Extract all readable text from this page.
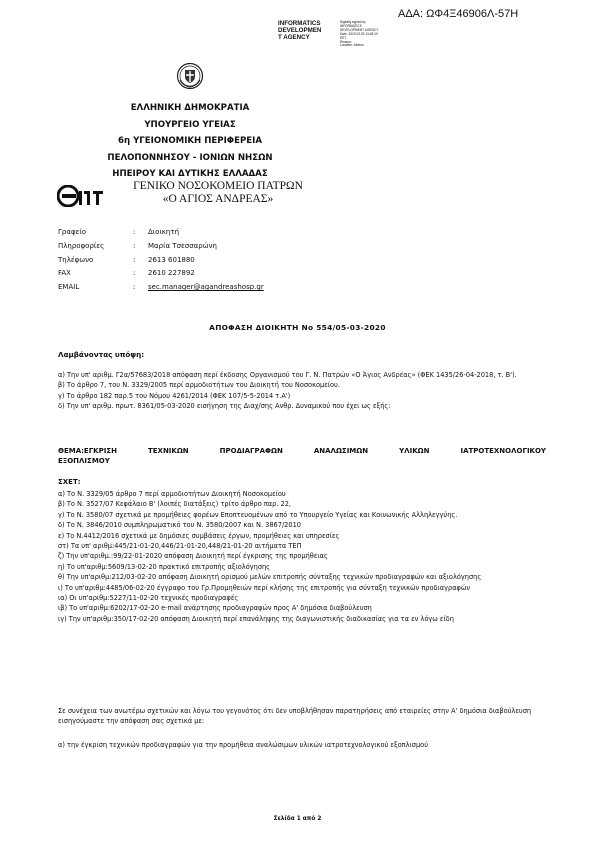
ΑΔΑ: ΩΦ4Ξ46906Λ-57Η
INFORMATICS
DEVELOPMEN
T AGENCY
Digitally signed by
INFORMATICS
DEVELOPMENT AGENCY
Date: 2020.03.05 13:48:19
EET
Reason:
Location: Athens
ΕΛΛΗΝΙΚΗ ΔΗΜΟΚΡΑΤΙΑ
ΥΠΟΥΡΓΕΙΟ ΥΓΕΙΑΣ
6η ΥΓΕΙΟΝΟΜΙΚΗ ΠΕΡΙΦΕΡΕΙΑ
ΠΕΛΟΠΟΝΝΗΣΟΥ - ΙΟΝΙΩΝ ΝΗΣΩΝ
ΗΠΕΙΡΟΥ ΚΑΙ ΔΥΤΙΚΗΣ ΕΛΛΑΔΑΣ
ΓΕΝΙΚΟ ΝΟΣΟΚΟΜΕΙΟ ΠΑΤΡΩΝ
«Ο ΑΓΙΟΣ ΑΝΔΡΕΑΣ»
Γραφείο	:	Διοικητή
Πληροφορίες	:	Μαρία Τσεσσαρώνη
Τηλέφωνο	:	2613 601880
FAX	:	2610 227892
EMAIL	:	sec.manager@agandreashosp.gr
ΑΠΟΦΑΣΗ ΔΙΟΙΚΗΤΗ Νο 554/05-03-2020
Λαμβάνοντας υπόψη:

α) Την υπ' αριθμ. Γ2α/57683/2018 απόφαση περί έκδοσης Οργανισμού του Γ. Ν. Πατρών «Ο Άγιος Ανδρέας» (ΦΕΚ 1435/26-04-2018, τ. Β').

β) Το άρθρο 7, του Ν. 3329/2005 περί αρμοδιοτήτων του Διοικητή του Νοσοκομείου.

γ) Το άρθρο 182 παρ.5 του Νόμου 4261/2014 (ΦΕΚ 107/5-5-2014 τ.Α')

δ) Την υπ' αριθμ. πρωτ. 8361/05-03-2020 εισήγηση της Διαχ/σης Ανθρ. Δυναμικού που έχει ως εξής:

ΘΕΜΑ:ΕΓΚΡΙΣΗ ΤΕΧΝΙΚΩΝ ΠΡΟΔΙΑΓΡΑΦΩΝ ΑΝΑΛΩΣΙΜΩΝ ΥΛΙΚΩΝ ΙΑΤΡΟΤΕΧΝΟΛΟΓΙΚΟΥ
ΕΞΟΠΛΙΣΜΟΥ
ΣΧΕΤ:

α) Το Ν. 3329/05 άρθρο 7 περί αρμοδιοτήτων Διοικητή Νοσοκομείου

β) Το Ν. 3527/07 Κεφάλαιο Β' (λοιπές διατάξεις) τρίτο άρθρο παρ. 22,

γ) Το Ν. 3580/07 σχετικά με προμήθειες φορέων Εποπτευομένων από το Υπουργείο Υγείας και Κοινωνικής Αλληλεγγύης.

δ) Το Ν. 3846/2010 συμπληρωματικό του Ν. 3580/2007 και Ν. 3867/2010

ε) Το Ν.4412/2016 σχετικά με δημόσιες συμβάσεις έργων, προμήθειες και υπηρεσίες

στ) Τα υπ' αριθμ:445/21-01-20,446/21-01-20,448/21-01-20 αιτήματα ΤΕΠ

ζ) Την υπ'αριθμ.:99/22-01-2020 απόφαση Διοικητή περί έγκρισης της προμήθειας

η) Το υπ'αριθμ:5609/13-02-20 πρακτικό επιτροπής αξιολόγησης

θ) Την υπ'αριθμ:212/03-02-20 απόφαση Διοικητή ορισμού μελών επιτροπής σύνταξης τεχνικών προδιαγραφών και αξιολόγησης

ι) Το υπ'αριθμ:4485/06-02-20 έγγραφο του Γρ.Προμηθειών περί κλήσης της επιτροπής για σύνταξη τεχνικών προδιαγραφών

ια) Οι υπ'αριθμ:5227/11-02-20 τεχνικές προδιαγραφές

ιβ) Το υπ'αριθμ:6202/17-02-20 e-mail ανάρτησης προδιαγραφών προς Α' δημόσια διαβούλευση

ιγ) Την υπ'αριθμ:350/17-02-20 απόφαση Διοικητή περί επανάληψης της διαγωνιστικής διαδικασίας για τα εν λόγω είδη

Σε συνέχεια των ανωτέρω σχετικών και λόγω του γεγονότος ότι δεν υποβλήθησαν παρατηρήσεις από εταιρείες στην Α' δημόσια διαβούλευση εισηγούμαστε την απόφαση σας σχετικά με:
α) την έγκριση τεχνικών προδιαγραφών για την προμήθεια αναλώσιμων υλικών ιατροτεχνολογικού εξοπλισμού
Σελίδα 1 από 2
